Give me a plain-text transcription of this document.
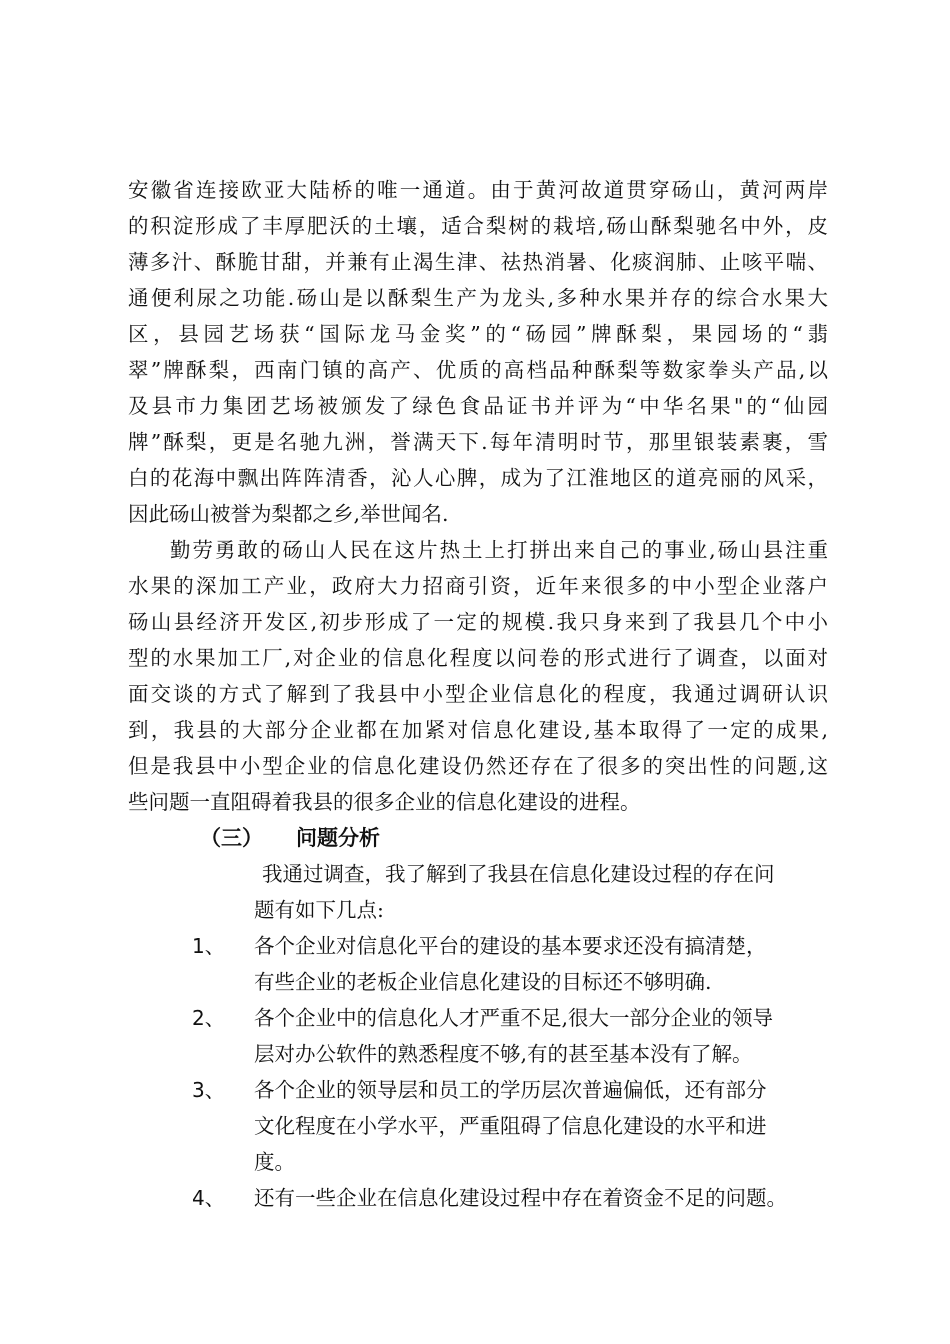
安徽省连接欧亚大陆桥的唯一通道。由于黄河故道贯穿砀山，黄河两岸
的积淀形成了丰厚肥沃的土壤，适合梨树的栽培,砀山酥梨驰名中外，皮
薄多汁、酥脆甘甜，并兼有止渴生津、祛热消暑、化痰润肺、止咳平喘、
通便利尿之功能.砀山是以酥梨生产为龙头,多种水果并存的综合水果大
区，县园艺场获“国际龙马金奖”的“砀园”牌酥梨，果园场的“翡
翠”牌酥梨，西南门镇的高产、优质的高档品种酥梨等数家拳头产品,以
及县市力集团艺场被颁发了绿色食品证书并评为“中华名果"的“仙园
牌”酥梨，更是名驰九洲，誉满天下.每年清明时节，那里银装素裹，雪
白的花海中飘出阵阵清香，沁人心脾，成为了江淮地区的道亮丽的风采，
因此砀山被誉为梨都之乡,举世闻名.
勤劳勇敢的砀山人民在这片热土上打拼出来自己的事业,砀山县注重
水果的深加工产业，政府大力招商引资，近年来很多的中小型企业落户
砀山县经济开发区,初步形成了一定的规模.我只身来到了我县几个中小
型的水果加工厂,对企业的信息化程度以问卷的形式进行了调查，以面对
面交谈的方式了解到了我县中小型企业信息化的程度，我通过调研认识
到，我县的大部分企业都在加紧对信息化建设,基本取得了一定的成果,
但是我县中小型企业的信息化建设仍然还存在了很多的突出性的问题,这
些问题一直阻碍着我县的很多企业的信息化建设的进程。
（三） 问题分析
我通过调查，我了解到了我县在信息化建设过程的存在问
题有如下几点:
1、 各个企业对信息化平台的建设的基本要求还没有搞清楚，
有些企业的老板企业信息化建设的目标还不够明确.
2、 各个企业中的信息化人才严重不足,很大一部分企业的领导
层对办公软件的熟悉程度不够,有的甚至基本没有了解。
3、 各个企业的领导层和员工的学历层次普遍偏低，还有部分
文化程度在小学水平，严重阻碍了信息化建设的水平和进
度。
4、 还有一些企业在信息化建设过程中存在着资金不足的问题。
